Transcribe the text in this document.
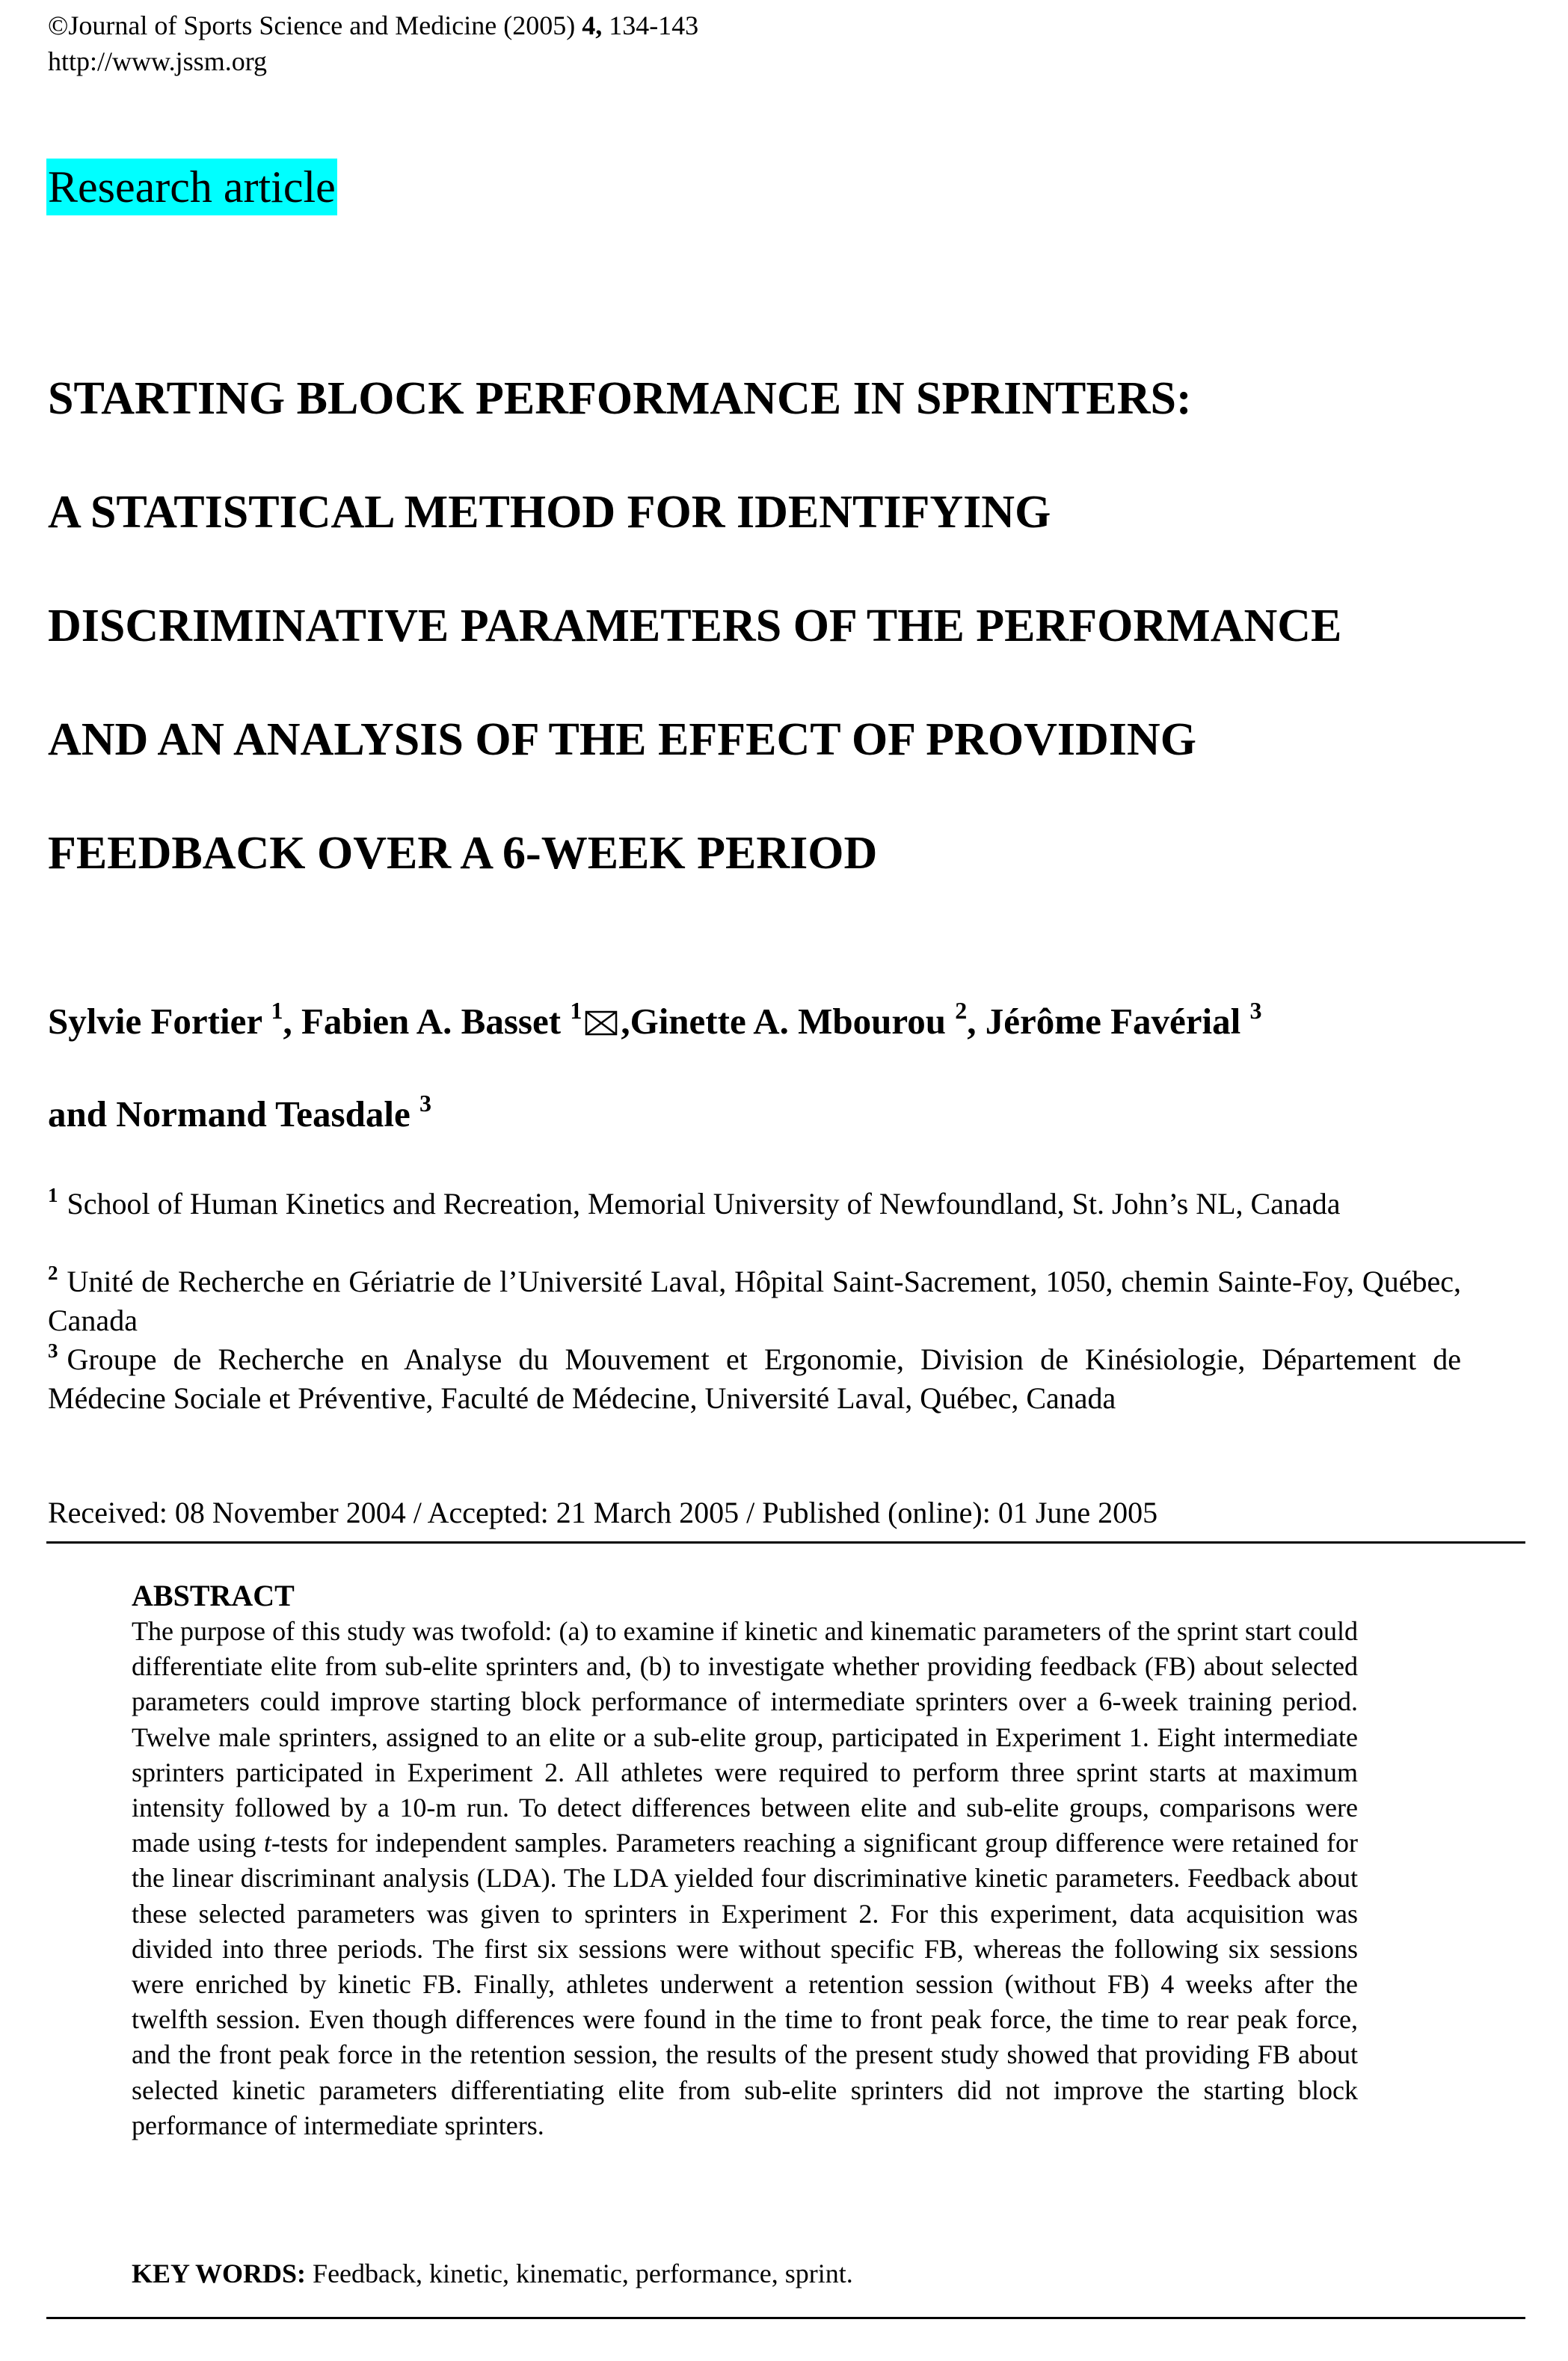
©Journal of Sports Science and Medicine (2005) 4, 134-143
http://www.jssm.org
Research article
STARTING BLOCK PERFORMANCE IN SPRINTERS:
A STATISTICAL METHOD FOR IDENTIFYING
DISCRIMINATIVE PARAMETERS OF THE PERFORMANCE
AND AN ANALYSIS OF THE EFFECT OF PROVIDING
FEEDBACK OVER A 6-WEEK PERIOD
Sylvie Fortier $^1$, Fabien A. Basset $^1$ ,Ginette A. Mbourou $^2$, Jérôme Favérial $^3$
and Normand Teasdale $^3$
$^1$ School of Human Kinetics and Recreation, Memorial University of Newfoundland, St. John’s NL, Canada
$^2$ Unité de Recherche en Gériatrie de l’Université Laval, Hôpital Saint-Sacrement, 1050, chemin Sainte-Foy, Québec, Canada
$^3$ Groupe de Recherche en Analyse du Mouvement et Ergonomie, Division de Kinésiologie, Département de Médecine Sociale et Préventive, Faculté de Médecine, Université Laval, Québec, Canada
Received: 08 November 2004 / Accepted: 21 March 2005 / Published (online): 01 June 2005
ABSTRACT
The purpose of this study was twofold: (a) to examine if kinetic and kinematic parameters of the sprint start could differentiate elite from sub-elite sprinters and, (b) to investigate whether providing feedback (FB) about selected parameters could improve starting block performance of intermediate sprinters over a 6-week training period. Twelve male sprinters, assigned to an elite or a sub-elite group, participated in Experiment 1. Eight intermediate sprinters participated in Experiment 2. All athletes were required to perform three sprint starts at maximum intensity followed by a 10-m run. To detect differences between elite and sub-elite groups, comparisons were made using t-tests for independent samples. Parameters reaching a significant group difference were retained for the linear discriminant analysis (LDA). The LDA yielded four discriminative kinetic parameters. Feedback about these selected parameters was given to sprinters in Experiment 2. For this experiment, data acquisition was divided into three periods. The first six sessions were without specific FB, whereas the following six sessions were enriched by kinetic FB. Finally, athletes underwent a retention session (without FB) 4 weeks after the twelfth session. Even though differences were found in the time to front peak force, the time to rear peak force, and the front peak force in the retention session, the results of the present study showed that providing FB about selected kinetic parameters differentiating elite from sub-elite sprinters did not improve the starting block performance of intermediate sprinters.
KEY WORDS: Feedback, kinetic, kinematic, performance, sprint.
